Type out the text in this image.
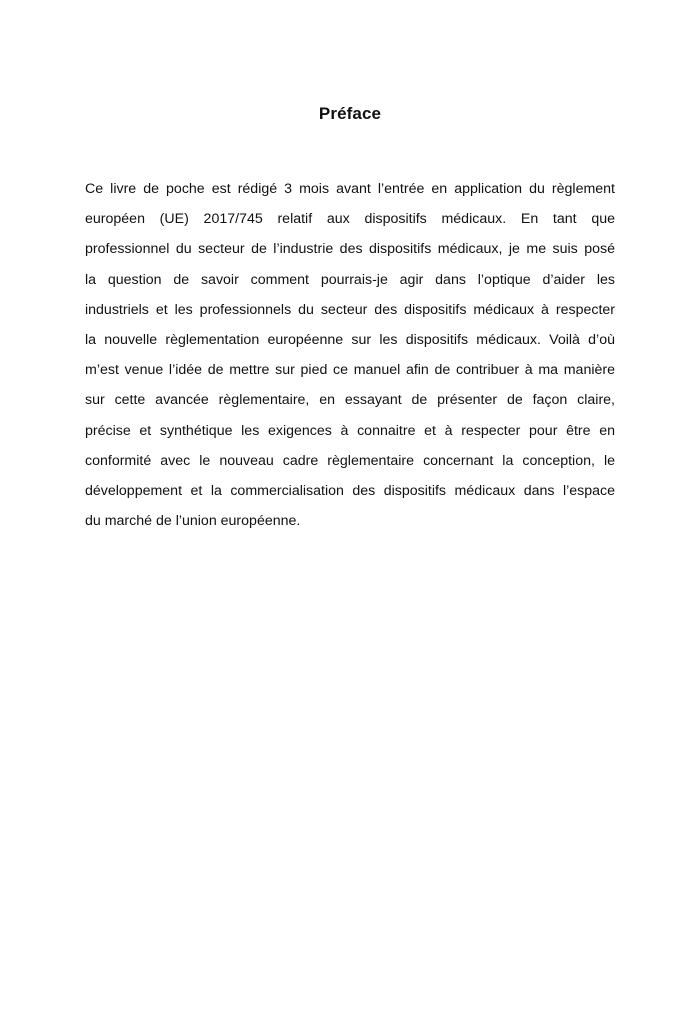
Préface
Ce livre de poche est rédigé 3 mois avant l’entrée en application du règlement
européen (UE) 2017/745 relatif aux dispositifs médicaux. En tant que
professionnel du secteur de l’industrie des dispositifs médicaux, je me suis posé
la question de savoir comment pourrais-je agir dans l’optique d’aider les
industriels et les professionnels du secteur des dispositifs médicaux à respecter
la nouvelle règlementation européenne sur les dispositifs médicaux. Voilà d’où
m’est venue l’idée de mettre sur pied ce manuel afin de contribuer à ma manière
sur cette avancée règlementaire, en essayant de présenter de façon claire,
précise et synthétique les exigences à connaitre et à respecter pour être en
conformité avec le nouveau cadre règlementaire concernant la conception, le
développement et la commercialisation des dispositifs médicaux dans l’espace
du marché de l’union européenne.
